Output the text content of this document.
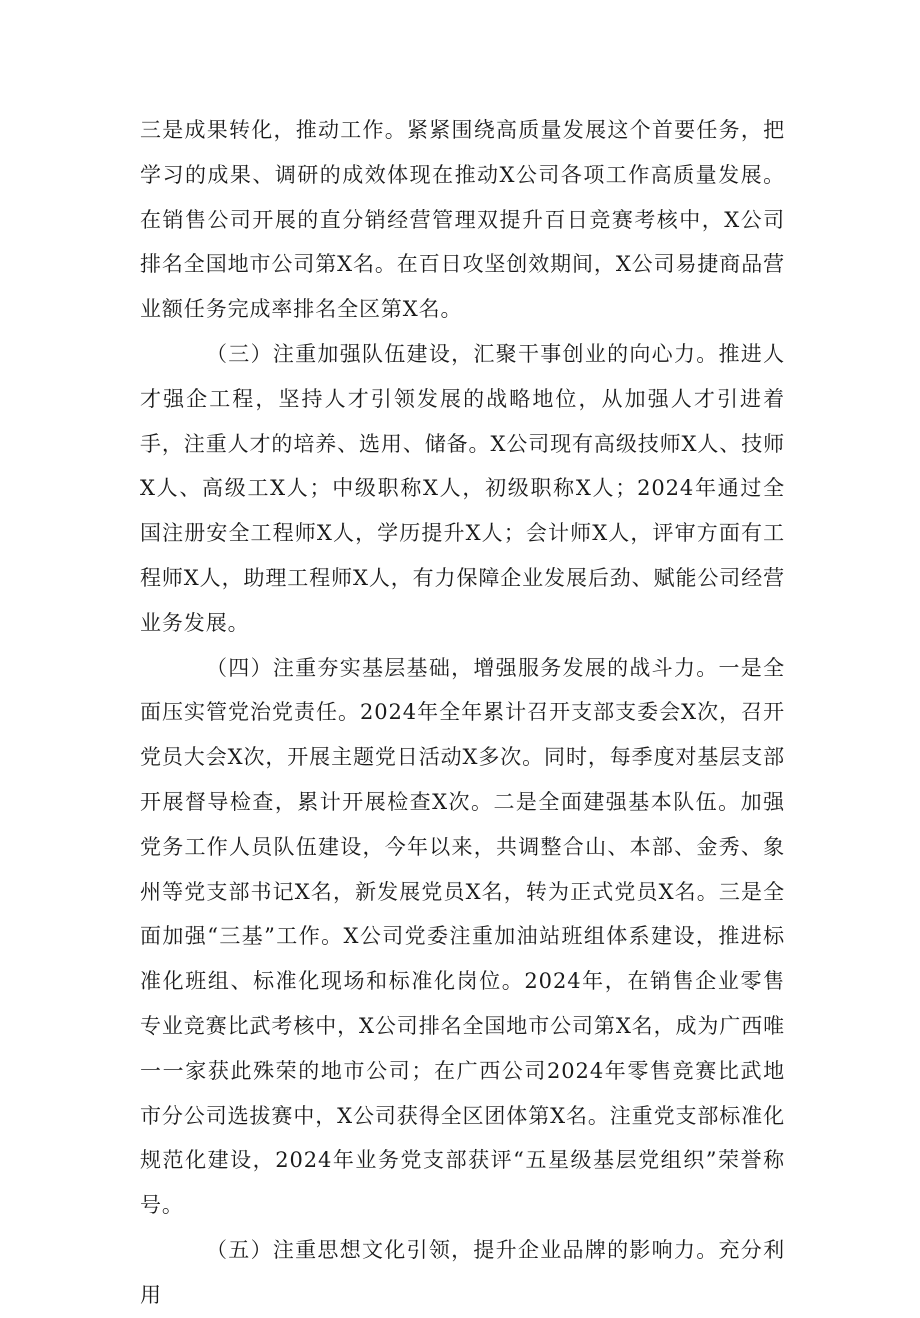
三是成果转化，推动工作。紧紧围绕高质量发展这个首要任务，把学习的成果、调研的成效体现在推动X公司各项工作高质量发展。在销售公司开展的直分销经营管理双提升百日竞赛考核中，X公司排名全国地市公司第X名。在百日攻坚创效期间，X公司易捷商品营业额任务完成率排名全区第X名。

（三）注重加强队伍建设，汇聚干事创业的向心力。推进人才强企工程，坚持人才引领发展的战略地位，从加强人才引进着手，注重人才的培养、选用、储备。X公司现有高级技师X人、技师X人、高级工X人；中级职称X人，初级职称X人；2024年通过全国注册安全工程师X人，学历提升X人；会计师X人，评审方面有工程师X人，助理工程师X人，有力保障企业发展后劲、赋能公司经营业务发展。

（四）注重夯实基层基础，增强服务发展的战斗力。一是全面压实管党治党责任。2024年全年累计召开支部支委会X次，召开党员大会X次，开展主题党日活动X多次。同时，每季度对基层支部开展督导检查，累计开展检查X次。二是全面建强基本队伍。加强党务工作人员队伍建设，今年以来，共调整合山、本部、金秀、象州等党支部书记X名，新发展党员X名，转为正式党员X名。三是全面加强“三基”工作。X公司党委注重加油站班组体系建设，推进标准化班组、标准化现场和标准化岗位。2024年，在销售企业零售专业竞赛比武考核中，X公司排名全国地市公司第X名，成为广西唯一一家获此殊荣的地市公司；在广西公司2024年零售竞赛比武地市分公司选拔赛中，X公司获得全区团体第X名。注重党支部标准化规范化建设，2024年业务党支部获评“五星级基层党组织”荣誉称号。

（五）注重思想文化引领，提升企业品牌的影响力。充分利用
